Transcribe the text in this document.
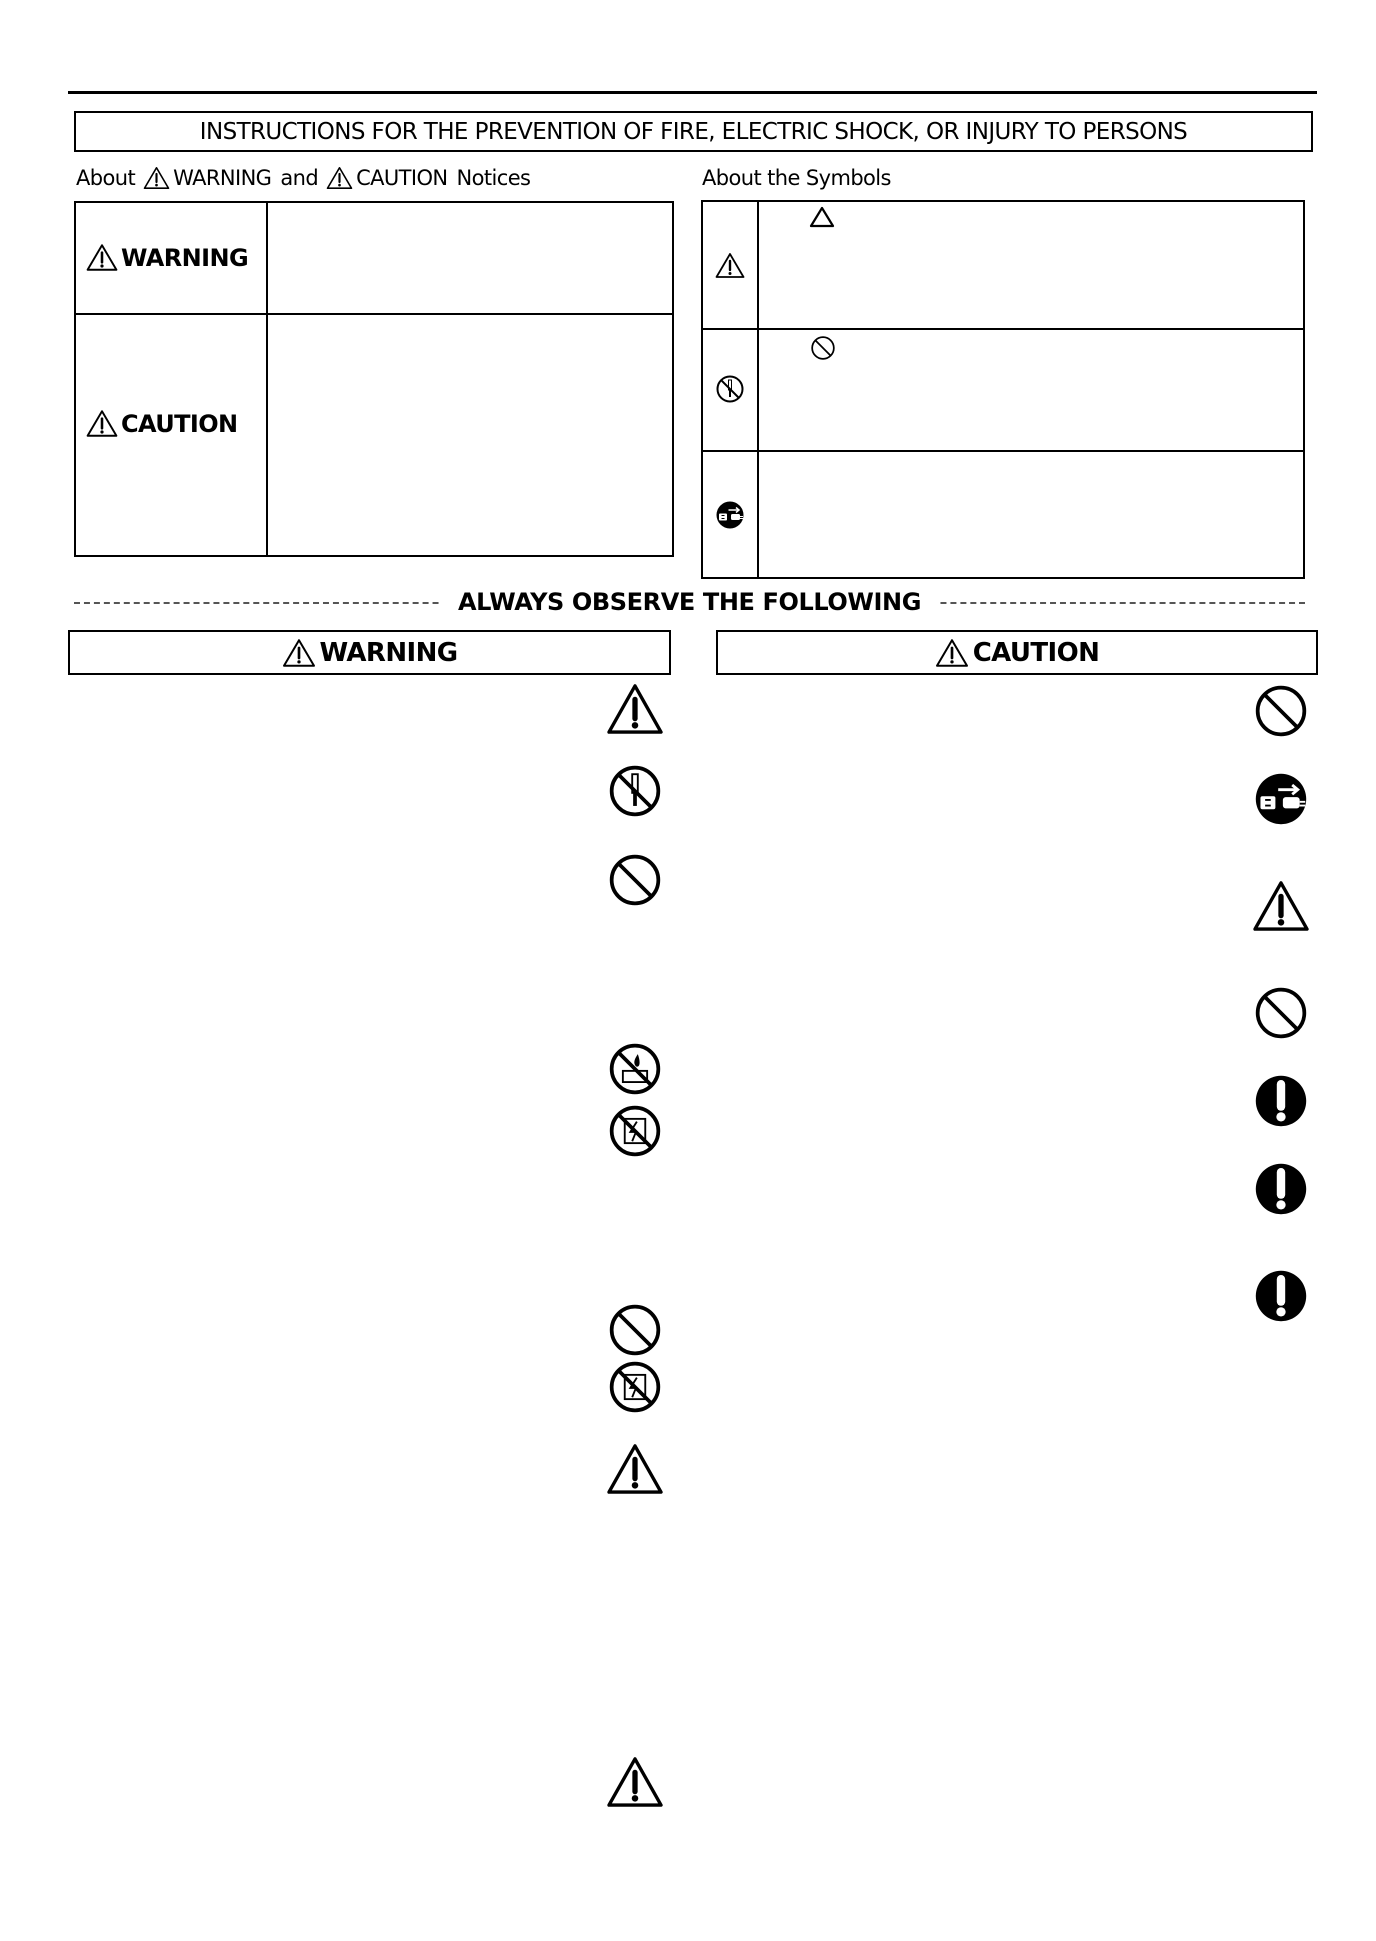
INSTRUCTIONS FOR THE PREVENTION OF FIRE, ELECTRIC SHOCK, OR INJURY TO PERSONS
About WARNING and CAUTION Notices
WARNING
CAUTION
About the Symbols
ALWAYS OBSERVE THE FOLLOWING
WARNING	CAUTION
